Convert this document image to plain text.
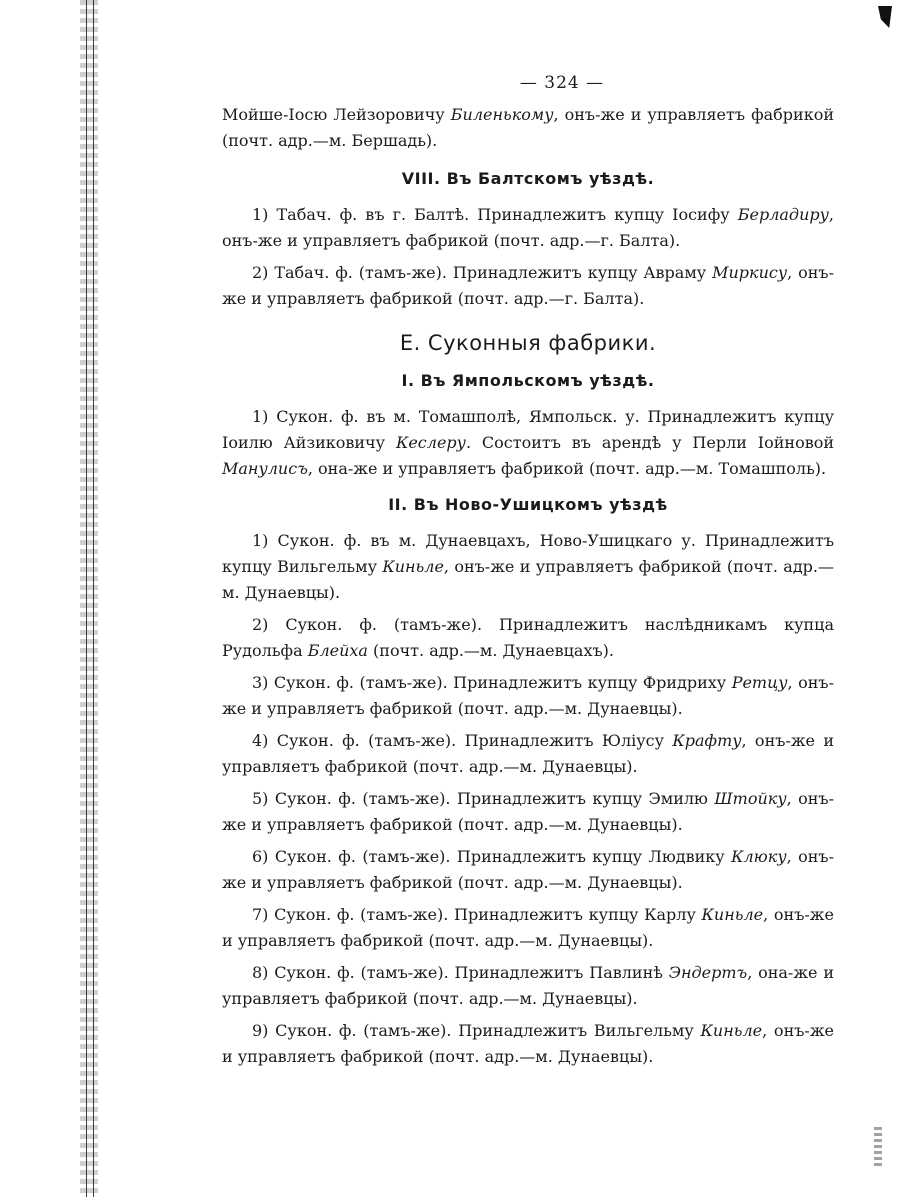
— 324 —

Мойше-Іосю Лейзоровичу Биленькому, онъ-же и управляетъ фабрикой (почт. адр.—м. Бершадь).

VIII. Въ Балтскомъ уѣздѣ.

1) Табач. ф. въ г. Балтѣ. Принадлежитъ купцу Іосифу Берладиру, онъ-же и управляетъ фабрикой (почт. адр.—г. Балта).

2) Табач. ф. (тамъ-же). Принадлежитъ купцу Авраму Миркису, онъ-же и управляетъ фабрикой (почт. адр.—г. Балта).

Е. Суконныя фабрики.
I. Въ Ямпольскомъ уѣздѣ.

1) Сукон. ф. въ м. Томашполѣ, Ямпольск. у. Принадлежитъ купцу Іоилю Айзиковичу Кеслеру. Состоитъ въ арендѣ у Перли Іойновой Манулисъ, она-же и управляетъ фабрикой (почт. адр.—м. Томашполь).

II. Въ Ново-Ушицкомъ уѣздѣ

1) Сукон. ф. въ м. Дунаевцахъ, Ново-Ушицкаго у. Принадлежитъ купцу Вильгельму Киньле, онъ-же и управляетъ фабрикой (почт. адр.—м. Дунаевцы).

2) Сукон. ф. (тамъ-же). Принадлежитъ наслѣдникамъ купца Рудольфа Блейха (почт. адр.—м. Дунаевцахъ).

3) Сукон. ф. (тамъ-же). Принадлежитъ купцу Фридриху Ретцу, онъ-же и управляетъ фабрикой (почт. адр.—м. Дунаевцы).

4) Сукон. ф. (тамъ-же). Принадлежитъ Юліусу Крафту, онъ-же и управляетъ фабрикой (почт. адр.—м. Дунаевцы).

5) Сукон. ф. (тамъ-же). Принадлежитъ купцу Эмилю Штойку, онъ-же и управляетъ фабрикой (почт. адр.—м. Дунаевцы).

6) Сукон. ф. (тамъ-же). Принадлежитъ купцу Людвику Клюку, онъ-же и управляетъ фабрикой (почт. адр.—м. Дунаевцы).

7) Сукон. ф. (тамъ-же). Принадлежитъ купцу Карлу Киньле, онъ-же и управляетъ фабрикой (почт. адр.—м. Дунаевцы).

8) Сукон. ф. (тамъ-же). Принадлежитъ Павлинѣ Эндертъ, она-же и управляетъ фабрикой (почт. адр.—м. Дунаевцы).

9) Сукон. ф. (тамъ-же). Принадлежитъ Вильгельму Киньле, онъ-же и управляетъ фабрикой (почт. адр.—м. Дунаевцы).
